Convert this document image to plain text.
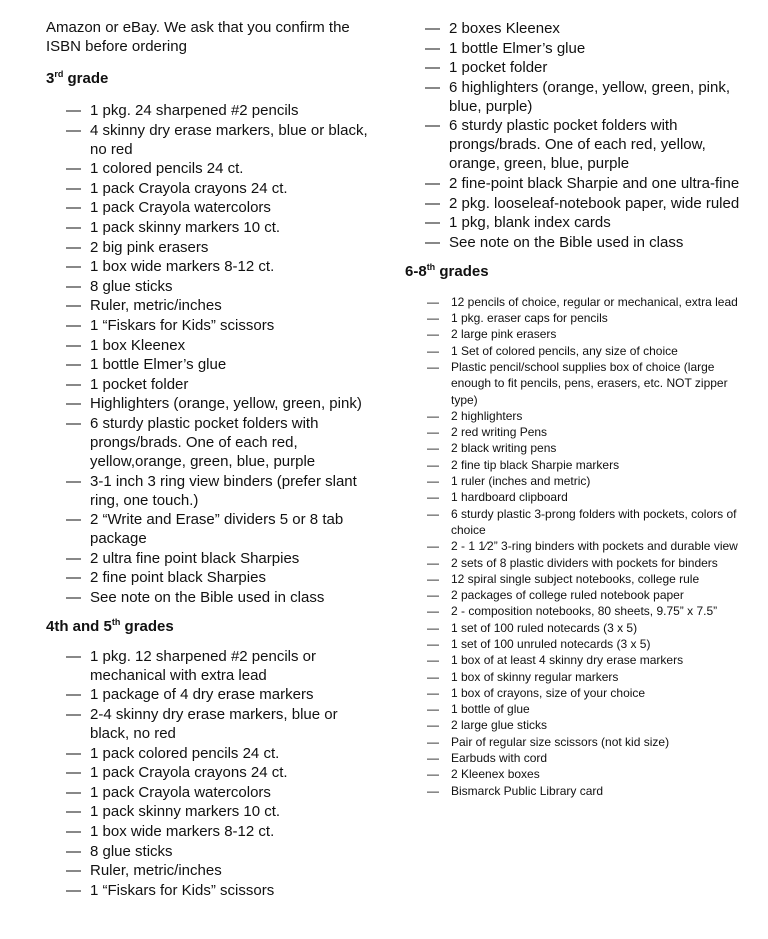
Amazon or eBay. We ask that you confirm the ISBN before ordering
3rd grade
— 1 pkg. 24 sharpened #2 pencils
— 4 skinny dry erase markers, blue or black, no red
— 1 colored pencils 24 ct.
— 1 pack Crayola crayons 24 ct.
— 1 pack Crayola watercolors
— 1 pack skinny markers 10 ct.
— 2 big pink erasers
— 1 box wide markers 8-12 ct.
— 8 glue sticks
— Ruler, metric/inches
— 1 “Fiskars for Kids” scissors
— 1 box Kleenex
— 1 bottle Elmer’s glue
— 1 pocket folder
— Highlighters (orange, yellow, green, pink)
— 6 sturdy plastic pocket folders with prongs/brads. One of each red, yellow,orange, green, blue, purple
— 3-1 inch 3 ring view binders (prefer slant ring, one touch.)
— 2 “Write and Erase” dividers 5 or 8 tab package
— 2 ultra fine point black Sharpies
— 2 fine point black Sharpies
— See note on the Bible used in class
4th and 5th grades
— 1 pkg. 12 sharpened #2 pencils or mechanical with extra lead
— 1 package of 4 dry erase markers
— 2-4 skinny dry erase markers, blue or black, no red
— 1 pack colored pencils 24 ct.
— 1 pack Crayola crayons 24 ct.
— 1 pack Crayola watercolors
— 1 pack skinny markers 10 ct.
— 1 box wide markers 8-12 ct.
— 8 glue sticks
— Ruler, metric/inches
— 1 “Fiskars for Kids” scissors
— 2 boxes Kleenex
— 1 bottle Elmer’s glue
— 1 pocket folder
— 6 highlighters (orange, yellow, green, pink, blue, purple)
— 6 sturdy plastic pocket folders with prongs/brads. One of each red, yellow, orange, green, blue, purple
— 2 fine-point black Sharpie and one ultra-fine
— 2 pkg. looseleaf-notebook paper, wide ruled
— 1 pkg, blank index cards
— See note on the Bible used in class
6-8th grades
— 12 pencils of choice, regular or mechanical, extra lead
— 1 pkg. eraser caps for pencils
— 2 large pink erasers
— 1 Set of colored pencils, any size of choice
— Plastic pencil/school supplies box of choice (large enough to fit pencils, pens, erasers, etc. NOT zipper type)
— 2 highlighters
— 2 red writing Pens
— 2 black writing pens
— 2 fine tip black Sharpie markers
— 1 ruler (inches and metric)
— 1 hardboard clipboard
— 6 sturdy plastic 3-prong folders with pockets, colors of choice
— 2 - 1 1⁄2” 3-ring binders with pockets and durable view
— 2 sets of 8 plastic dividers with pockets for binders
— 12 spiral single subject notebooks, college rule
— 2 packages of college ruled notebook paper
— 2 - composition notebooks, 80 sheets, 9.75” x 7.5”
— 1 set of 100 ruled notecards (3 x 5)
— 1 set of 100 unruled notecards (3 x 5)
— 1 box of at least 4 skinny dry erase markers
— 1 box of skinny regular markers
— 1 box of crayons, size of your choice
— 1 bottle of glue
— 2 large glue sticks
— Pair of regular size scissors (not kid size)
— Earbuds with cord
— 2 Kleenex boxes
— Bismarck Public Library card
